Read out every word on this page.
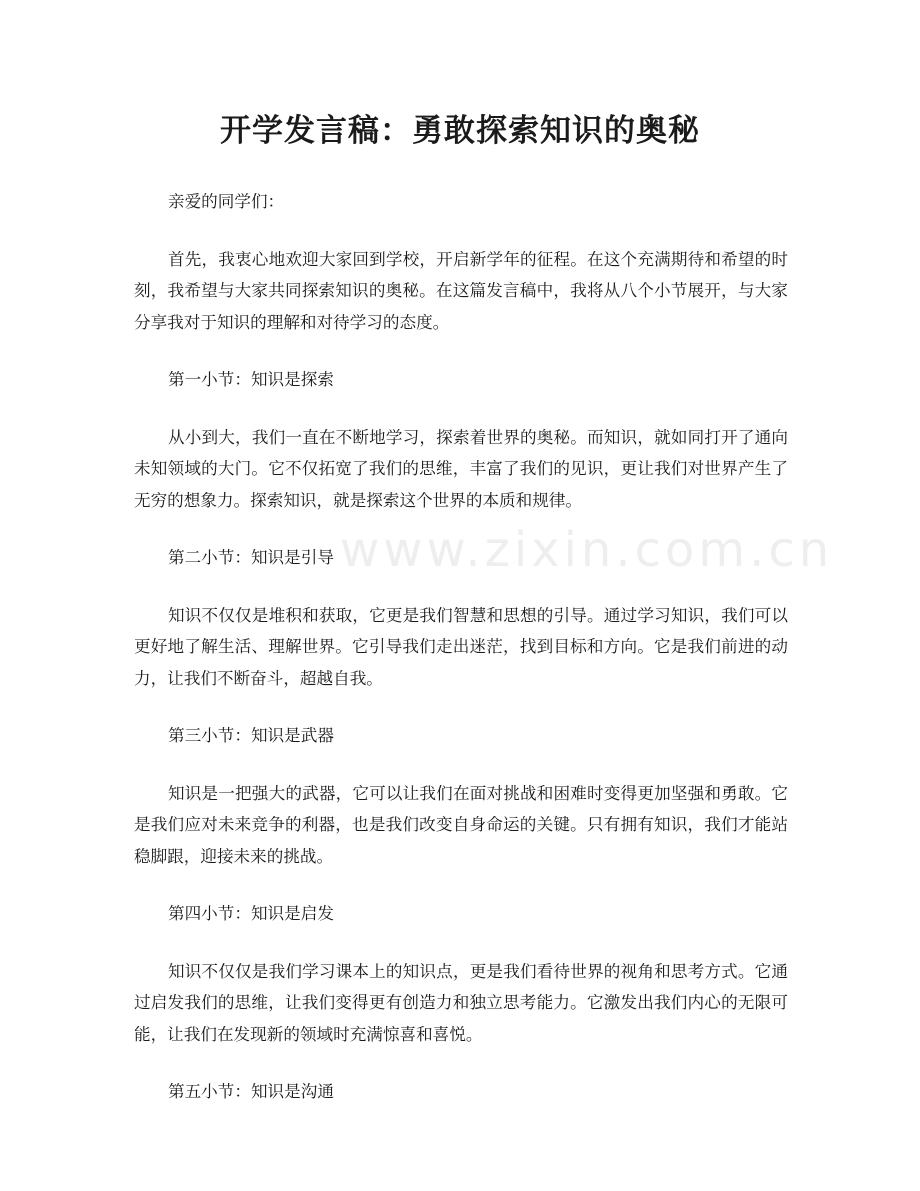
开学发言稿：勇敢探索知识的奥秘

亲爱的同学们：

首先，我衷心地欢迎大家回到学校，开启新学年的征程。在这个充满期待和希望的时刻，我希望与大家共同探索知识的奥秘。在这篇发言稿中，我将从八个小节展开，与大家分享我对于知识的理解和对待学习的态度。

第一小节：知识是探索

从小到大，我们一直在不断地学习，探索着世界的奥秘。而知识，就如同打开了通向未知领域的大门。它不仅拓宽了我们的思维，丰富了我们的见识，更让我们对世界产生了无穷的想象力。探索知识，就是探索这个世界的本质和规律。

第二小节：知识是引导

知识不仅仅是堆积和获取，它更是我们智慧和思想的引导。通过学习知识，我们可以更好地了解生活、理解世界。它引导我们走出迷茫，找到目标和方向。它是我们前进的动力，让我们不断奋斗，超越自我。

第三小节：知识是武器

知识是一把强大的武器，它可以让我们在面对挑战和困难时变得更加坚强和勇敢。它是我们应对未来竞争的利器，也是我们改变自身命运的关键。只有拥有知识，我们才能站稳脚跟，迎接未来的挑战。

第四小节：知识是启发

知识不仅仅是我们学习课本上的知识点，更是我们看待世界的视角和思考方式。它通过启发我们的思维，让我们变得更有创造力和独立思考能力。它激发出我们内心的无限可能，让我们在发现新的领域时充满惊喜和喜悦。

第五小节：知识是沟通

www.zixin.com.cn
